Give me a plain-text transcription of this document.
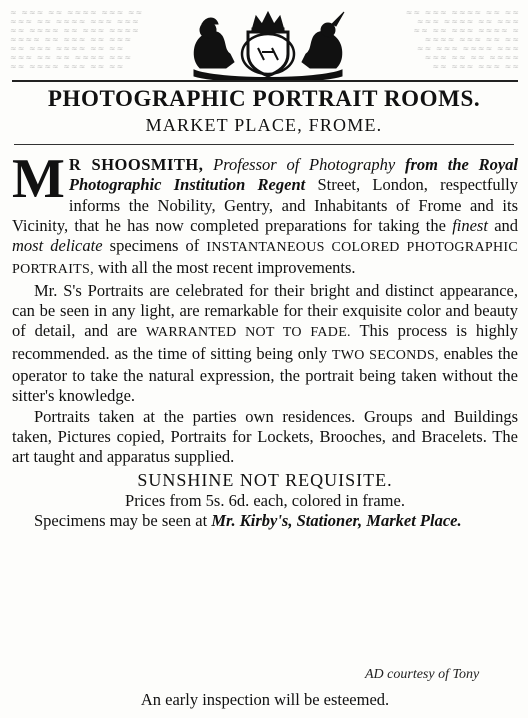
≈ ≈≈≈ ≈≈ ≈≈≈≈ ≈≈≈ ≈≈
≈≈≈ ≈≈ ≈≈≈≈ ≈≈≈ ≈≈≈
≈≈ ≈≈≈≈ ≈≈ ≈≈≈ ≈≈≈≈
≈≈≈≈ ≈≈ ≈≈≈ ≈≈ ≈≈≈
≈≈ ≈≈≈ ≈≈≈≈ ≈≈ ≈≈
≈≈≈ ≈≈ ≈≈ ≈≈≈≈ ≈≈≈
≈≈ ≈≈≈≈ ≈≈≈ ≈≈ ≈≈
≈≈ ≈≈≈ ≈≈≈≈ ≈≈ ≈≈
≈≈≈ ≈≈≈≈ ≈≈ ≈≈≈
≈≈ ≈≈ ≈≈≈ ≈≈≈≈ ≈
≈≈≈≈ ≈≈≈ ≈≈ ≈≈
≈≈ ≈≈≈ ≈≈≈≈ ≈≈≈
≈≈≈ ≈≈ ≈≈ ≈≈≈≈
≈≈ ≈≈≈ ≈≈≈ ≈≈
PHOTOGRAPHIC PORTRAIT ROOMS.
MARKET PLACE, FROME.

M R SHOOSMITH, Professor of Photography from the Royal Photographic Institution Regent Street, London, respectfully informs the Nobility, Gentry, and Inhabitants of Frome and its Vicinity, that he has now completed preparations for taking the finest and most delicate specimens of INSTANTANEOUS COLORED PHOTOGRAPHIC PORTRAITS, with all the most recent improvements.

Mr. S's Portraits are celebrated for their bright and distinct appearance, can be seen in any light, are remarkable for their exquisite color and beauty of detail, and are WARRANTED NOT TO FADE. This process is highly recommended. as the time of sitting being only TWO SECONDS, enables the operator to take the natural expression, the portrait being taken without the sitter's knowledge.

Portraits taken at the parties own residences. Groups and Buildings taken, Pictures copied, Portraits for Lockets, Brooches, and Bracelets. The art taught and apparatus supplied.

SUNSHINE NOT REQUISITE.

Prices from 5s. 6d. each, colored in frame.

Specimens may be seen at Mr. Kirby's, Stationer, Market Place.

AD courtesy of Tony
An early inspection will be esteemed.
